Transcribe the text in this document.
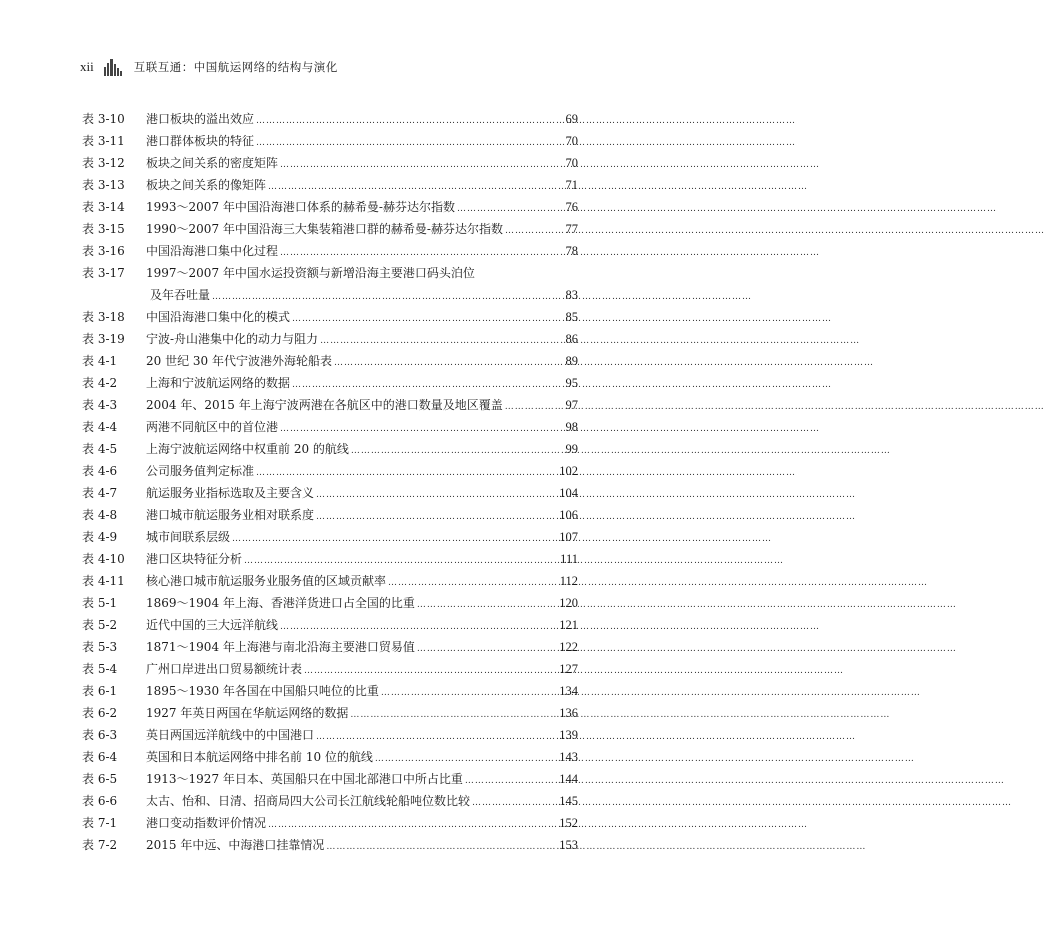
xii	互联互通：中国航运网络的结构与演化
表 3-10	港口板块的溢出效应 ………………………………………………………………………………………………………………………………………………	69
表 3-11	港口群体板块的特征 ………………………………………………………………………………………………………………………………………………	70
表 3-12	板块之间关系的密度矩阵 ………………………………………………………………………………………………………………………………………………	70
表 3-13	板块之间关系的像矩阵 ………………………………………………………………………………………………………………………………………………	71
表 3-14	1993～2007 年中国沿海港口体系的赫希曼-赫芬达尔指数 ………………………………………………………………………………………………………………………………………………	76
表 3-15	1990～2007 年中国沿海三大集装箱港口群的赫希曼-赫芬达尔指数 ………………………………………………………………………………………………………………………………………………	77
表 3-16	中国沿海港口集中化过程 ………………………………………………………………………………………………………………………………………………	78
表 3-17	1997～2007 年中国水运投资额与新增沿海主要港口码头泊位
及年吞吐量 ………………………………………………………………………………………………………………………………………………	83
表 3-18	中国沿海港口集中化的模式 ………………………………………………………………………………………………………………………………………………	85
表 3-19	宁波-舟山港集中化的动力与阻力 ………………………………………………………………………………………………………………………………………………	86
表 4-1	20 世纪 30 年代宁波港外海轮船表 ………………………………………………………………………………………………………………………………………………	89
表 4-2	上海和宁波航运网络的数据 ………………………………………………………………………………………………………………………………………………	95
表 4-3	2004 年、2015 年上海宁波两港在各航区中的港口数量及地区覆盖 ………………………………………………………………………………………………………………………………………………	97
表 4-4	两港不同航区中的首位港 ………………………………………………………………………………………………………………………………………………	98
表 4-5	上海宁波航运网络中权重前 20 的航线 ………………………………………………………………………………………………………………………………………………	99
表 4-6	公司服务值判定标准 ………………………………………………………………………………………………………………………………………………	102
表 4-7	航运服务业指标选取及主要含义 ………………………………………………………………………………………………………………………………………………	104
表 4-8	港口城市航运服务业相对联系度 ………………………………………………………………………………………………………………………………………………	106
表 4-9	城市间联系层级 ………………………………………………………………………………………………………………………………………………	107
表 4-10	港口区块特征分析 ………………………………………………………………………………………………………………………………………………	111
表 4-11	核心港口城市航运服务业服务值的区域贡献率 ………………………………………………………………………………………………………………………………………………	112
表 5-1	1869～1904 年上海、香港洋货进口占全国的比重 ………………………………………………………………………………………………………………………………………………	120
表 5-2	近代中国的三大远洋航线 ………………………………………………………………………………………………………………………………………………	121
表 5-3	1871～1904 年上海港与南北沿海主要港口贸易值 ………………………………………………………………………………………………………………………………………………	122
表 5-4	广州口岸进出口贸易额统计表 ………………………………………………………………………………………………………………………………………………	127
表 6-1	1895～1930 年各国在中国船只吨位的比重 ………………………………………………………………………………………………………………………………………………	134
表 6-2	1927 年英日两国在华航运网络的数据 ………………………………………………………………………………………………………………………………………………	136
表 6-3	英日两国远洋航线中的中国港口 ………………………………………………………………………………………………………………………………………………	139
表 6-4	英国和日本航运网络中排名前 10 位的航线 ………………………………………………………………………………………………………………………………………………	143
表 6-5	1913～1927 年日本、英国船只在中国北部港口中所占比重 ………………………………………………………………………………………………………………………………………………	144
表 6-6	太古、怡和、日清、招商局四大公司长江航线轮船吨位数比较 ………………………………………………………………………………………………………………………………………………	145
表 7-1	港口变动指数评价情况 ………………………………………………………………………………………………………………………………………………	152
表 7-2	2015 年中远、中海港口挂靠情况 ………………………………………………………………………………………………………………………………………………	153
